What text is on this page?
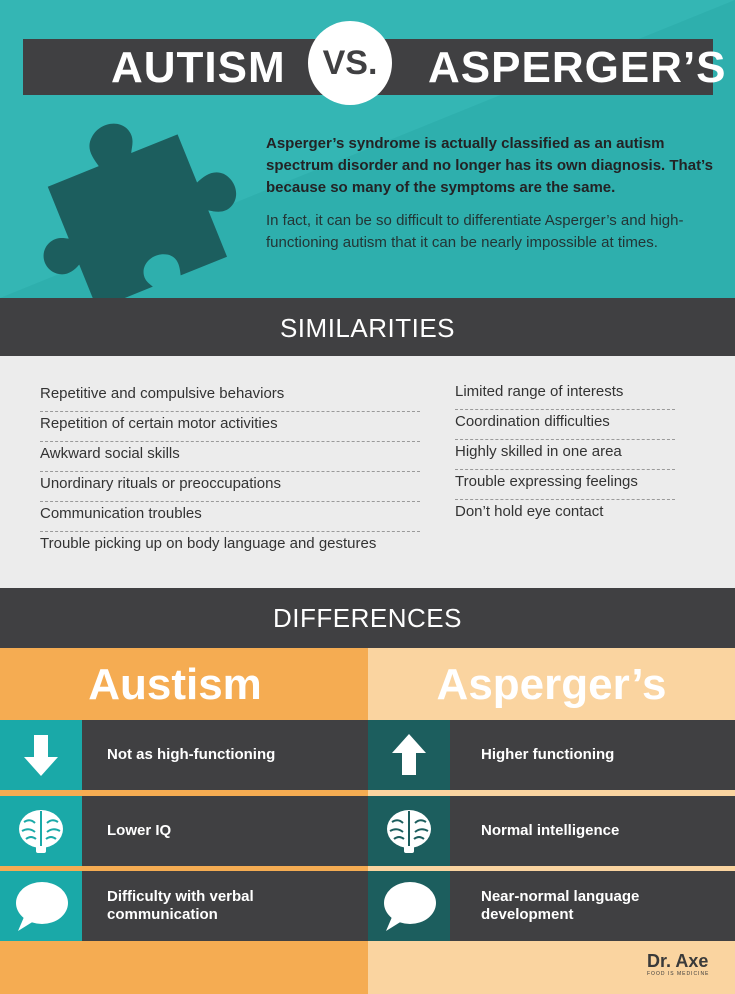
AUTISM	ASPERGER’S
VS.

Asperger’s syndrome is actually classified as an autism spectrum disorder and no longer has its own diagnosis. That’s because so many of the symptoms are the same.

In fact, it can be so difficult to differentiate Asperger’s and high-functioning autism that it can be nearly impossible at times.

SIMILARITIES
Repetitive and compulsive behaviors
Repetition of certain motor activities
Awkward social skills
Unordinary rituals or preoccupations
Communication troubles
Trouble picking up on body language and gestures
Limited range of interests
Coordination difficulties
Highly skilled in one area
Trouble expressing feelings
Don’t hold eye contact
DIFFERENCES
Austism	Asperger’s
Not as high-functioning
Lower IQ
Difficulty with verbal communication
Higher functioning
Normal intelligence
Near-normal language development
Dr. Axe
FOOD IS MEDICINE
